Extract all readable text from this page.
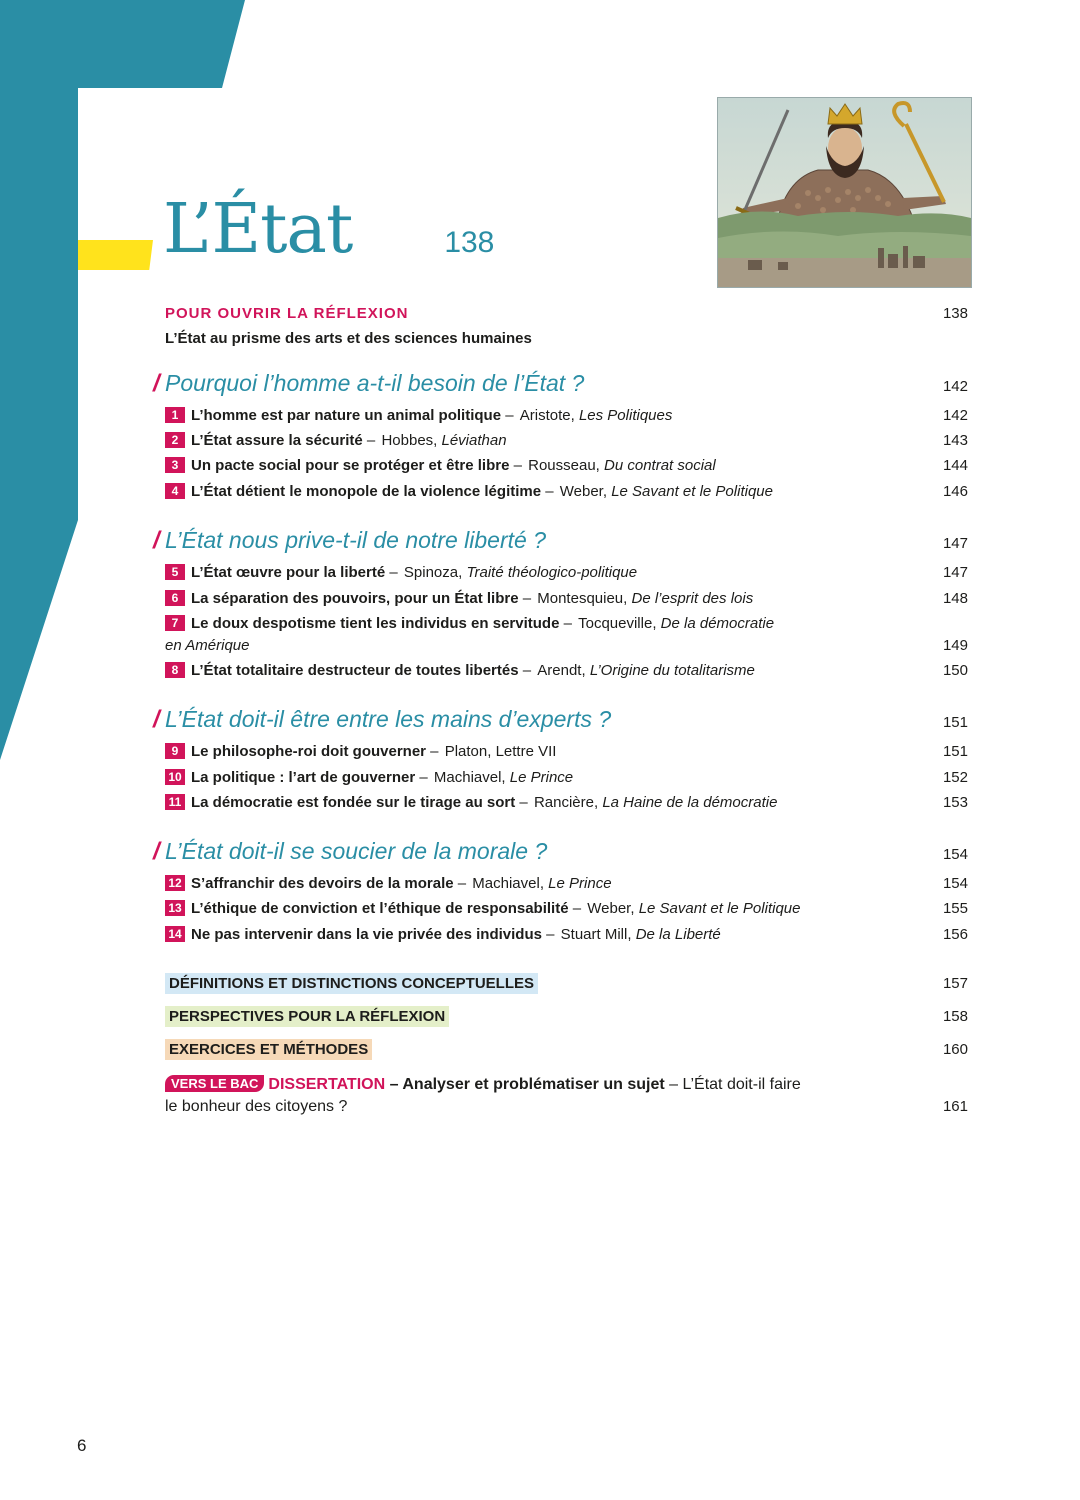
L’État	138
POUR OUVRIR LA RÉFLEXION	138
L’État au prisme des arts et des sciences humaines
/ Pourquoi l’homme a-t-il besoin de l’État ?	142
1 L’homme est par nature un animal politique – Aristote, Les Politiques	142
2 L’État assure la sécurité – Hobbes, Léviathan	143
3 Un pacte social pour se protéger et être libre – Rousseau, Du contrat social	144
4 L’État détient le monopole de la violence légitime – Weber, Le Savant et le Politique	146
/ L’État nous prive-t-il de notre liberté ?	147
5 L’État œuvre pour la liberté – Spinoza, Traité théologico-politique	147
6 La séparation des pouvoirs, pour un État libre – Montesquieu, De l’esprit des lois	148
7 Le doux despotisme tient les individus en servitude – Tocqueville, De la démocratie
en Amérique	149
8 L’État totalitaire destructeur de toutes libertés – Arendt, L’Origine du totalitarisme	150
/ L’État doit-il être entre les mains d’experts ?	151
9 Le philosophe-roi doit gouverner – Platon, Lettre VII	151
10 La politique : l’art de gouverner – Machiavel, Le Prince	152
11 La démocratie est fondée sur le tirage au sort – Rancière, La Haine de la démocratie	153
/ L’État doit-il se soucier de la morale ?	154
12 S’affranchir des devoirs de la morale – Machiavel, Le Prince	154
13 L’éthique de conviction et l’éthique de responsabilité – Weber, Le Savant et le Politique	155
14 Ne pas intervenir dans la vie privée des individus – Stuart Mill, De la Liberté	156
DÉFINITIONS ET DISTINCTIONS CONCEPTUELLES	157
PERSPECTIVES POUR LA RÉFLEXION	158
EXERCICES ET MÉTHODES	160
VERS LE BAC DISSERTATION – Analyser et problématiser un sujet – L’État doit-il faire
le bonheur des citoyens ?	161
6
